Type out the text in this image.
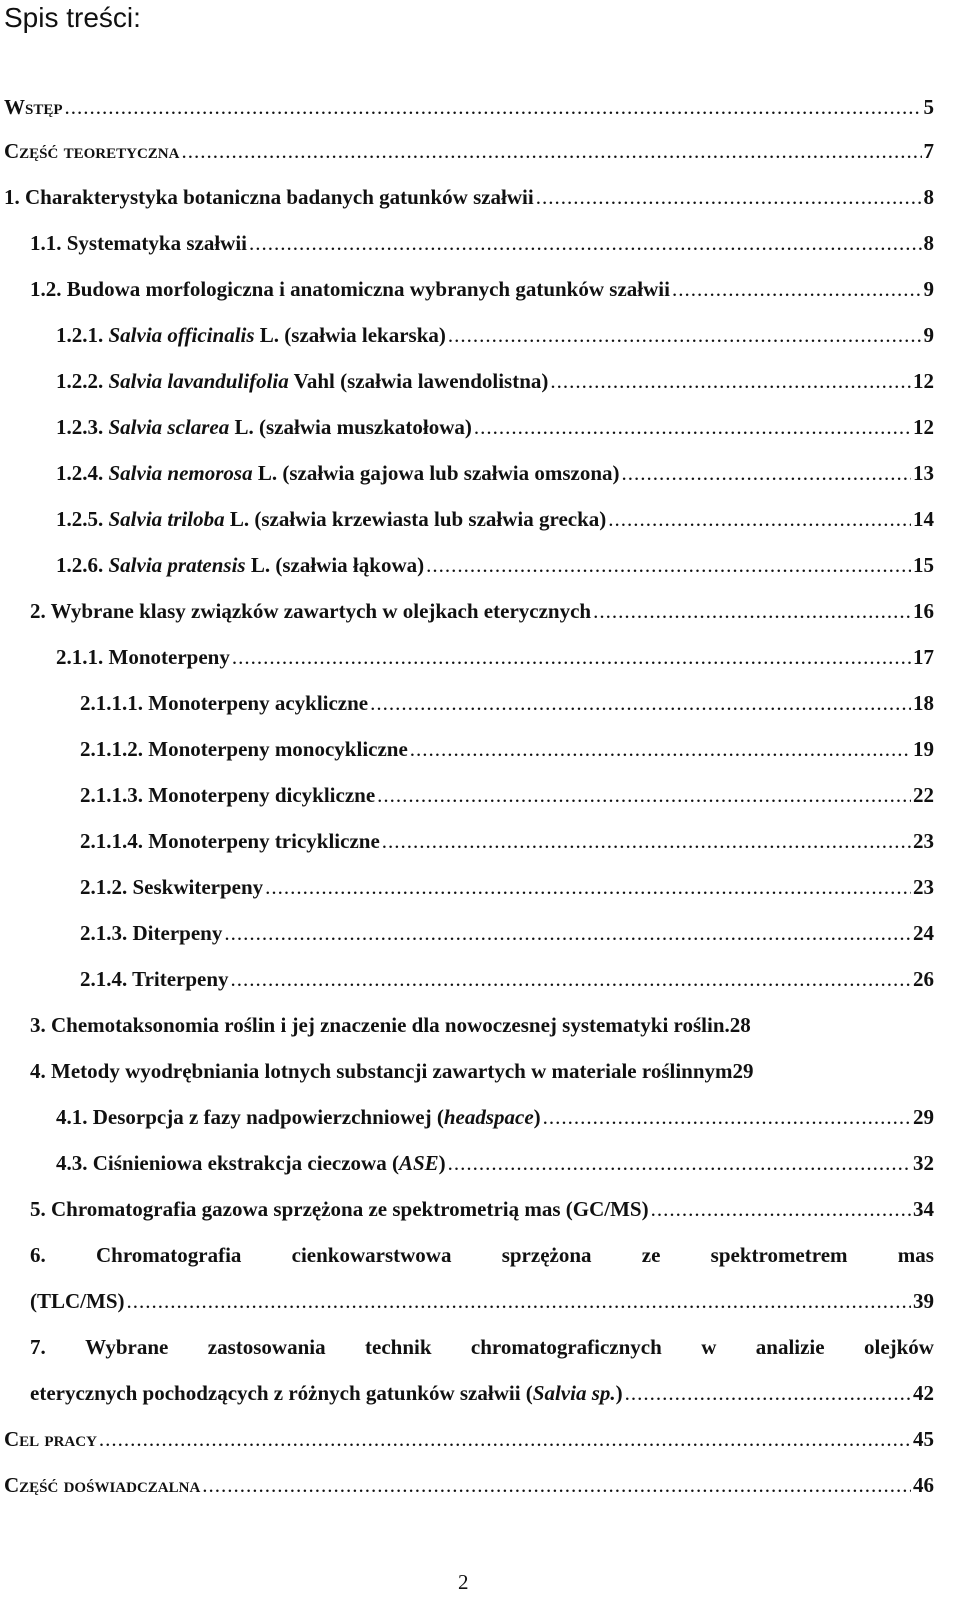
Spis treści:
Wstęp .....	5
Część teoretyczna .....	7
1. Charakterystyka botaniczna badanych gatunków szałwii .....	8
1.1. Systematyka szałwii .....	8
1.2. Budowa morfologiczna i anatomiczna wybranych gatunków szałwii .....	9
1.2.1. Salvia officinalis L. (szałwia lekarska) .....	9
1.2.2. Salvia lavandulifolia Vahl (szałwia lawendolistna) .....	12
1.2.3. Salvia sclarea L. (szałwia muszkatołowa) .....	12
1.2.4. Salvia nemorosa L. (szałwia gajowa lub szałwia omszona) .....	13
1.2.5. Salvia triloba L. (szałwia krzewiasta lub szałwia grecka) .....	14
1.2.6. Salvia pratensis L. (szałwia łąkowa) .....	15
2. Wybrane klasy związków zawartych w olejkach eterycznych .....	16
2.1.1. Monoterpeny .....	17
2.1.1.1. Monoterpeny acykliczne .....	18
2.1.1.2. Monoterpeny monocykliczne .....	19
2.1.1.3. Monoterpeny dicykliczne .....	22
2.1.1.4. Monoterpeny tricykliczne .....	23
2.1.2. Seskwiterpeny .....	23
2.1.3. Diterpeny .....	24
2.1.4. Triterpeny .....	26
3. Chemotaksonomia roślin i jej znaczenie dla nowoczesnej systematyki roślin. 28
4. Metody wyodrębniania lotnych substancji zawartych w materiale roślinnym 29
4.1. Desorpcja z fazy nadpowierzchniowej (headspace) .....	29
4.3. Ciśnieniowa ekstrakcja cieczowa (ASE) .....	32
5. Chromatografia gazowa sprzężona ze spektrometrią mas (GC/MS) .....	34
6. Chromatografia cienkowarstwowa sprzężona ze spektrometrem mas
(TLC/MS) .....	39
7. Wybrane zastosowania technik chromatograficznych w analizie olejków
eterycznych pochodzących z różnych gatunków szałwii (Salvia sp.) .....	42
Cel pracy .....	45
Część doświadczalna .....	46
2
